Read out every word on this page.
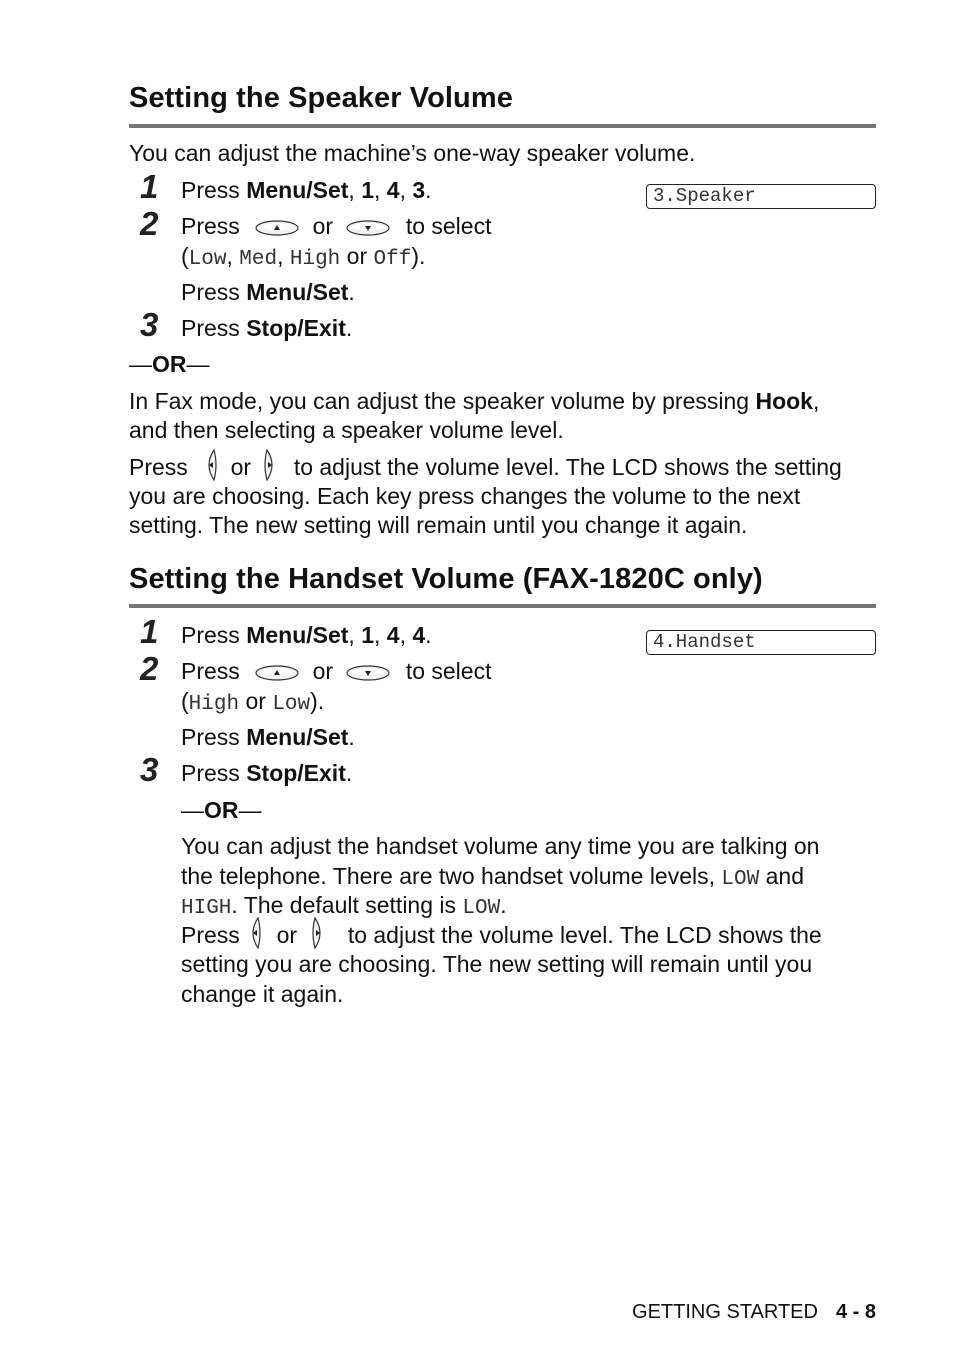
Setting the Speaker Volume
You can adjust the machine’s one-way speaker volume.
3.Speaker
1 Press Menu/Set, 1, 4, 3.
2 Press	or	to select
(Low, Med, High or Off).
Press Menu/Set.
3 Press Stop/Exit.
—OR—
In Fax mode, you can adjust the speaker volume by pressing Hook,
and then selecting a speaker volume level.
Press or to adjust the volume level. The LCD shows the setting
you are choosing. Each key press changes the volume to the next
setting. The new setting will remain until you change it again.
Setting the Handset Volume (FAX-1820C only)
4.Handset
1 Press Menu/Set, 1, 4, 4.
2 Press	or	to select
(High or Low).
Press Menu/Set.
3 Press Stop/Exit.
—OR—
You can adjust the handset volume any time you are talking on
the telephone. There are two handset volume levels, LOW and
HIGH. The default setting is LOW.
Press or to adjust the volume level. The LCD shows the
setting you are choosing. The new setting will remain until you
change it again.
GETTING STARTED 4 - 8
